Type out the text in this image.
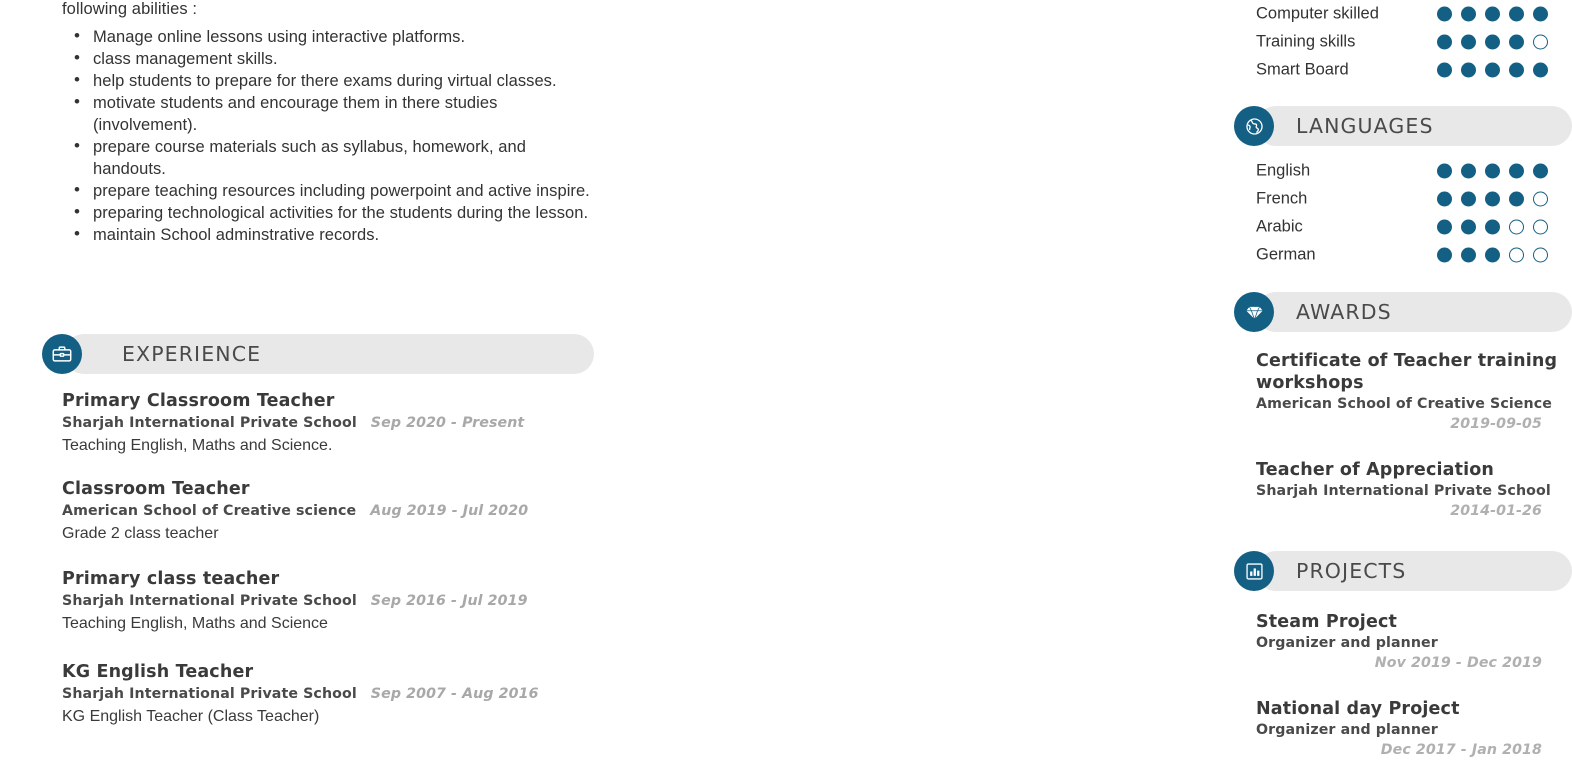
following abilities :
• Manage online lessons using interactive platforms.
• class management skills.
• help students to prepare for there exams during virtual classes.
• motivate students and encourage them in there studies (involvement).
• prepare course materials such as syllabus, homework, and handouts.
• prepare teaching resources including powerpoint and active inspire.
• preparing technological activities for the students during the lesson.
• maintain School adminstrative records.
EXPERIENCE
Primary Classroom Teacher
Sharjah International Private School Sep 2020 - Present
Teaching English, Maths and Science.
Classroom Teacher
American School of Creative science Aug 2019 - Jul 2020
Grade 2 class teacher
Primary class teacher
Sharjah International Private School Sep 2016 - Jul 2019
Teaching English, Maths and Science
KG English Teacher
Sharjah International Private School Sep 2007 - Aug 2016
KG English Teacher (Class Teacher)
Computer skilled
Training skills
Smart Board
LANGUAGES
English
French
Arabic
German
AWARDS
Certificate of Teacher training workshops
American School of Creative Science
2019-09-05
Teacher of Appreciation
Sharjah International Private School
2014-01-26
PROJECTS
Steam Project
Organizer and planner
Nov 2019 - Dec 2019
National day Project
Organizer and planner
Dec 2017 - Jan 2018
